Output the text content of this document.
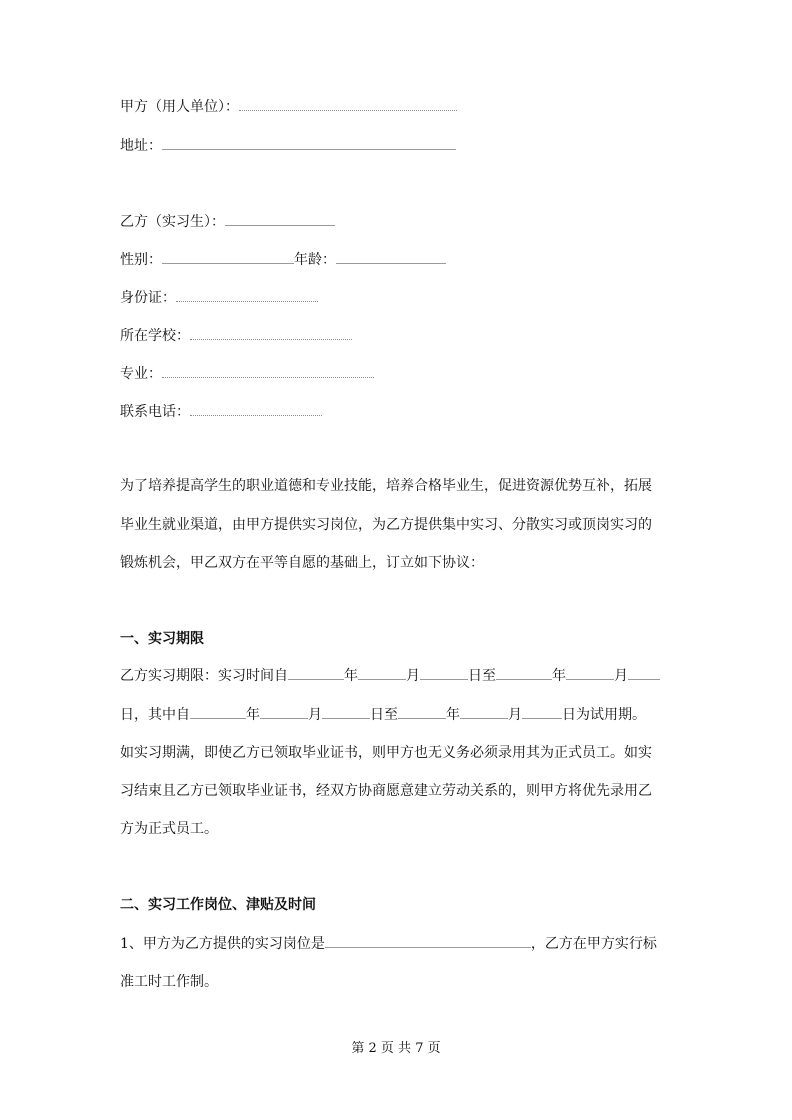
甲方（用人单位）：
地址：
乙方（实习生）：
性别：	年龄：
身份证：
所在学校：
专业：
联系电话：
为了培养提高学生的职业道德和专业技能，培养合格毕业生，促进资源优势互补，拓展
毕业生就业渠道，由甲方提供实习岗位，为乙方提供集中实习、分散实习或顶岗实习的
锻炼机会，甲乙双方在平等自愿的基础上，订立如下协议：
一、实习期限
乙方实习期限：实习时间自	年	月	日至	年	月
日，其中自	年	月	日至	年	月	日为试用期。
如实习期满，即使乙方已领取毕业证书，则甲方也无义务必须录用其为正式员工。如实
习结束且乙方已领取毕业证书，经双方协商愿意建立劳动关系的，则甲方将优先录用乙
方为正式员工。
二、实习工作岗位、津贴及时间
1、甲方为乙方提供的实习岗位是	，乙方在甲方实行标
准工时工作制。
第 2 页 共 7 页
